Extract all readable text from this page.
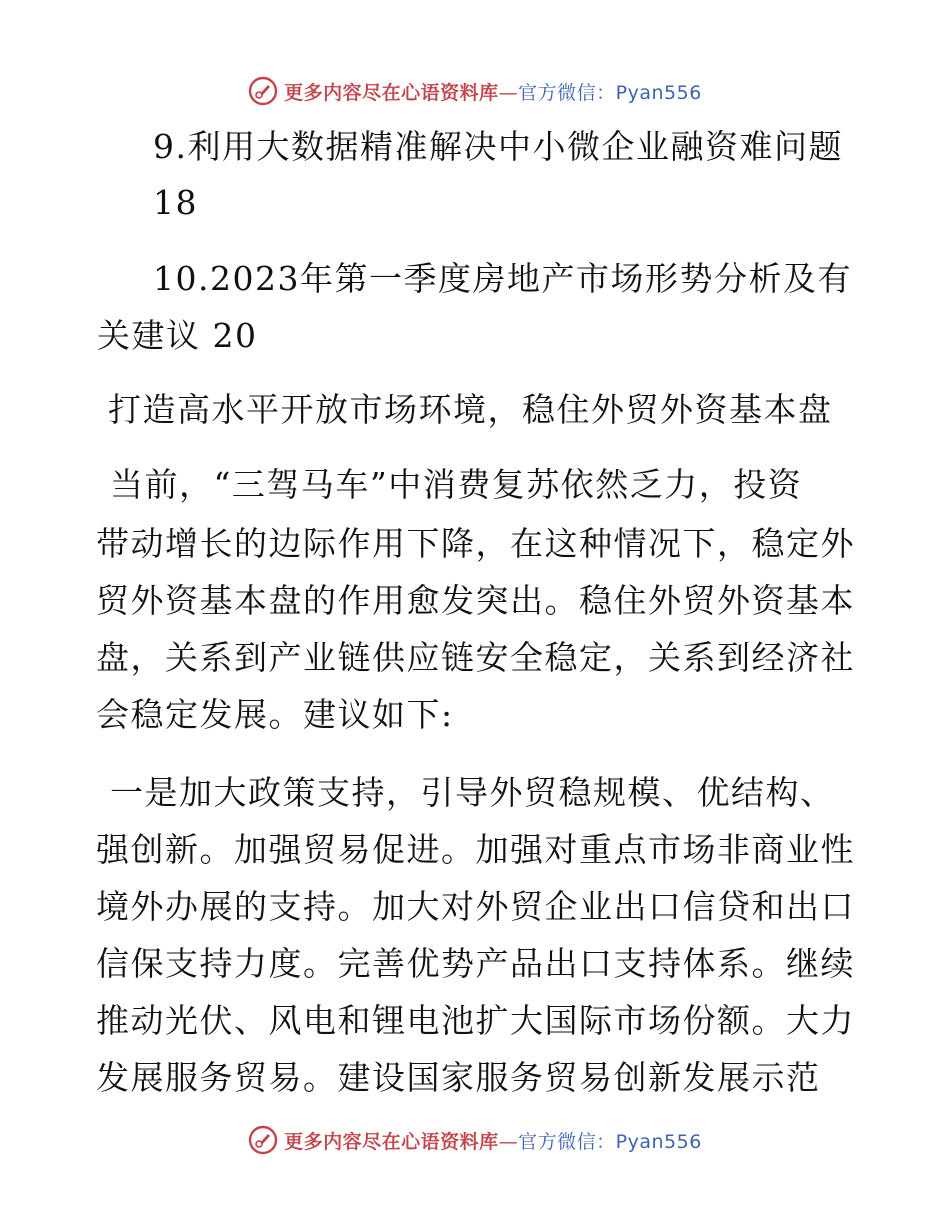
更多内容尽在心语资料库—官方微信：Pyan556
9.利用大数据精准解决中小微企业融资难问题
18
10.2023年第一季度房地产市场形势分析及有
关建议 20
打造高水平开放市场环境，稳住外贸外资基本盘
当前，“三驾马车”中消费复苏依然乏力，投资
带动增长的边际作用下降，在这种情况下，稳定外
贸外资基本盘的作用愈发突出。稳住外贸外资基本
盘，关系到产业链供应链安全稳定，关系到经济社
会稳定发展。建议如下:
一是加大政策支持，引导外贸稳规模、优结构、
强创新。加强贸易促进。加强对重点市场非商业性
境外办展的支持。加大对外贸企业出口信贷和出口
信保支持力度。完善优势产品出口支持体系。继续
推动光伏、风电和锂电池扩大国际市场份额。大力
发展服务贸易。建设国家服务贸易创新发展示范
更多内容尽在心语资料库—官方微信：Pyan556
